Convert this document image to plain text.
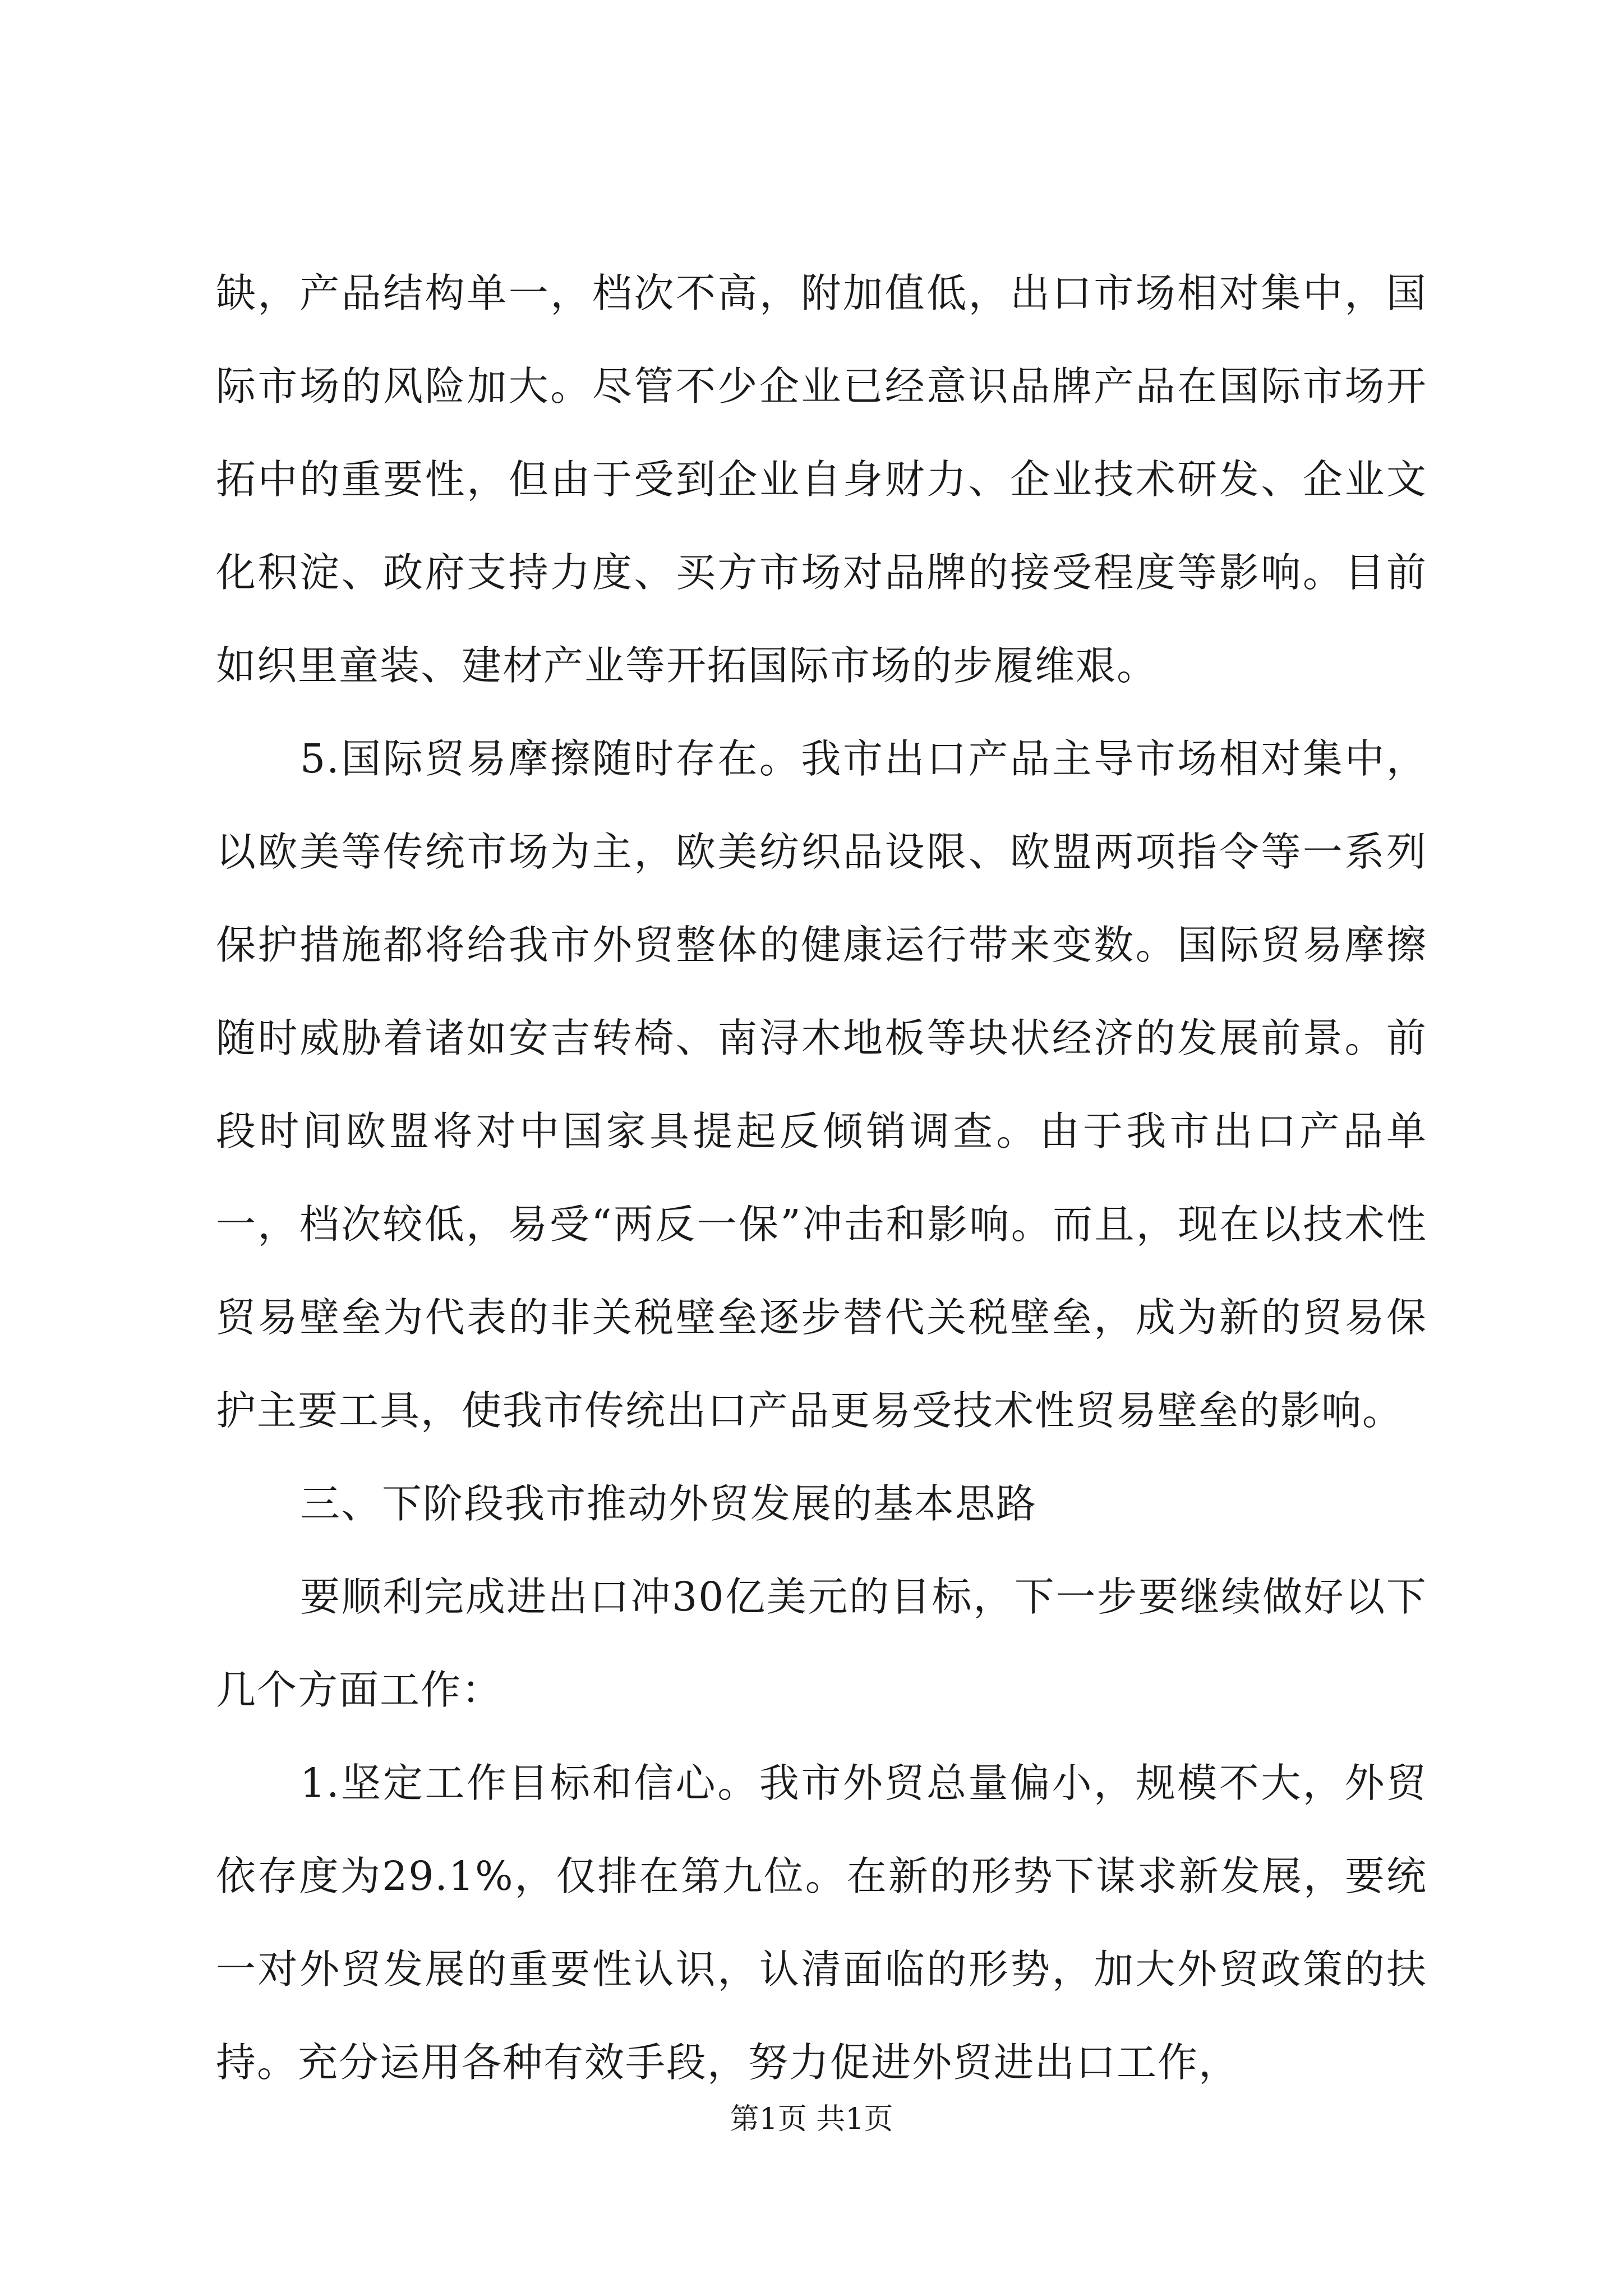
缺，产品结构单一，档次不高，附加值低，出口市场相对集中，国际市场的风险加大。尽管不少企业已经意识品牌产品在国际市场开拓中的重要性，但由于受到企业自身财力、企业技术研发、企业文化积淀、政府支持力度、买方市场对品牌的接受程度等影响。目前如织里童装、建材产业等开拓国际市场的步履维艰。

5.国际贸易摩擦随时存在。我市出口产品主导市场相对集中，以欧美等传统市场为主，欧美纺织品设限、欧盟两项指令等一系列保护措施都将给我市外贸整体的健康运行带来变数。国际贸易摩擦随时威胁着诸如安吉转椅、南浔木地板等块状经济的发展前景。前段时间欧盟将对中国家具提起反倾销调查。由于我市出口产品单一，档次较低，易受“两反一保”冲击和影响。而且，现在以技术性贸易壁垒为代表的非关税壁垒逐步替代关税壁垒，成为新的贸易保护主要工具，使我市传统出口产品更易受技术性贸易壁垒的影响。

三、下阶段我市推动外贸发展的基本思路

要顺利完成进出口冲30亿美元的目标，下一步要继续做好以下几个方面工作：

1.坚定工作目标和信心。我市外贸总量偏小，规模不大，外贸依存度为29.1%，仅排在第九位。在新的形势下谋求新发展，要统一对外贸发展的重要性认识，认清面临的形势，加大外贸政策的扶持。充分运用各种有效手段，努力促进外贸进出口工作，

第1页 共1页
